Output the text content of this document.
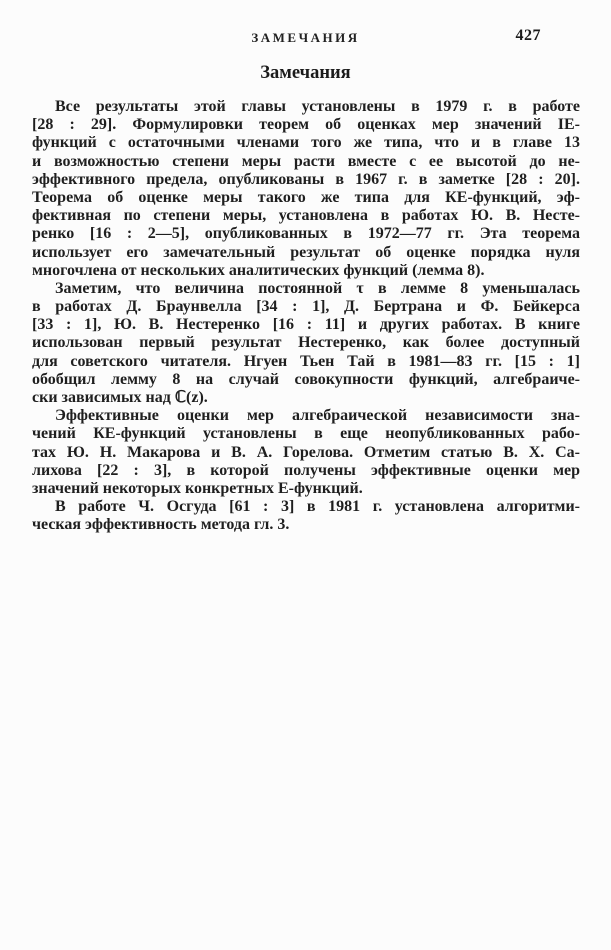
ЗАМЕЧАНИЯ	427
Замечания
Все результаты этой главы установлены в 1979 г. в работе
[28 : 29]. Формулировки теорем об оценках мер значений IE-
функций с остаточными членами того же типа, что и в главе 13
и возможностью степени меры расти вместе с ее высотой до не-
эффективного предела, опубликованы в 1967 г. в заметке [28 : 20].
Теорема об оценке меры такого же типа для КЕ-функций, эф-
фективная по степени меры, установлена в работах Ю. В. Несте-
ренко [16 : 2—5], опубликованных в 1972—77 гг. Эта теорема
использует его замечательный результат об оценке порядка нуля
многочлена от нескольких аналитических функций (лемма 8).
Заметим, что величина постоянной τ в лемме 8 уменьшалась
в работах Д. Браунвелла [34 : 1], Д. Бертрана и Ф. Бейкерса
[33 : 1], Ю. В. Нестеренко [16 : 11] и других работах. В книге
использован первый результат Нестеренко, как более доступный
для советского читателя. Нгуен Тьен Тай в 1981—83 гг. [15 : 1]
обобщил лемму 8 на случай совокупности функций, алгебраиче-
ски зависимых над ℂ(z).
Эффективные оценки мер алгебраической независимости зна-
чений КЕ-функций установлены в еще неопубликованных рабо-
тах Ю. Н. Макарова и В. А. Горелова. Отметим статью В. Х. Са-
лихова [22 : 3], в которой получены эффективные оценки мер
значений некоторых конкретных Е-функций.
В работе Ч. Осгуда [61 : 3] в 1981 г. установлена алгоритми-
ческая эффективность метода гл. 3.
